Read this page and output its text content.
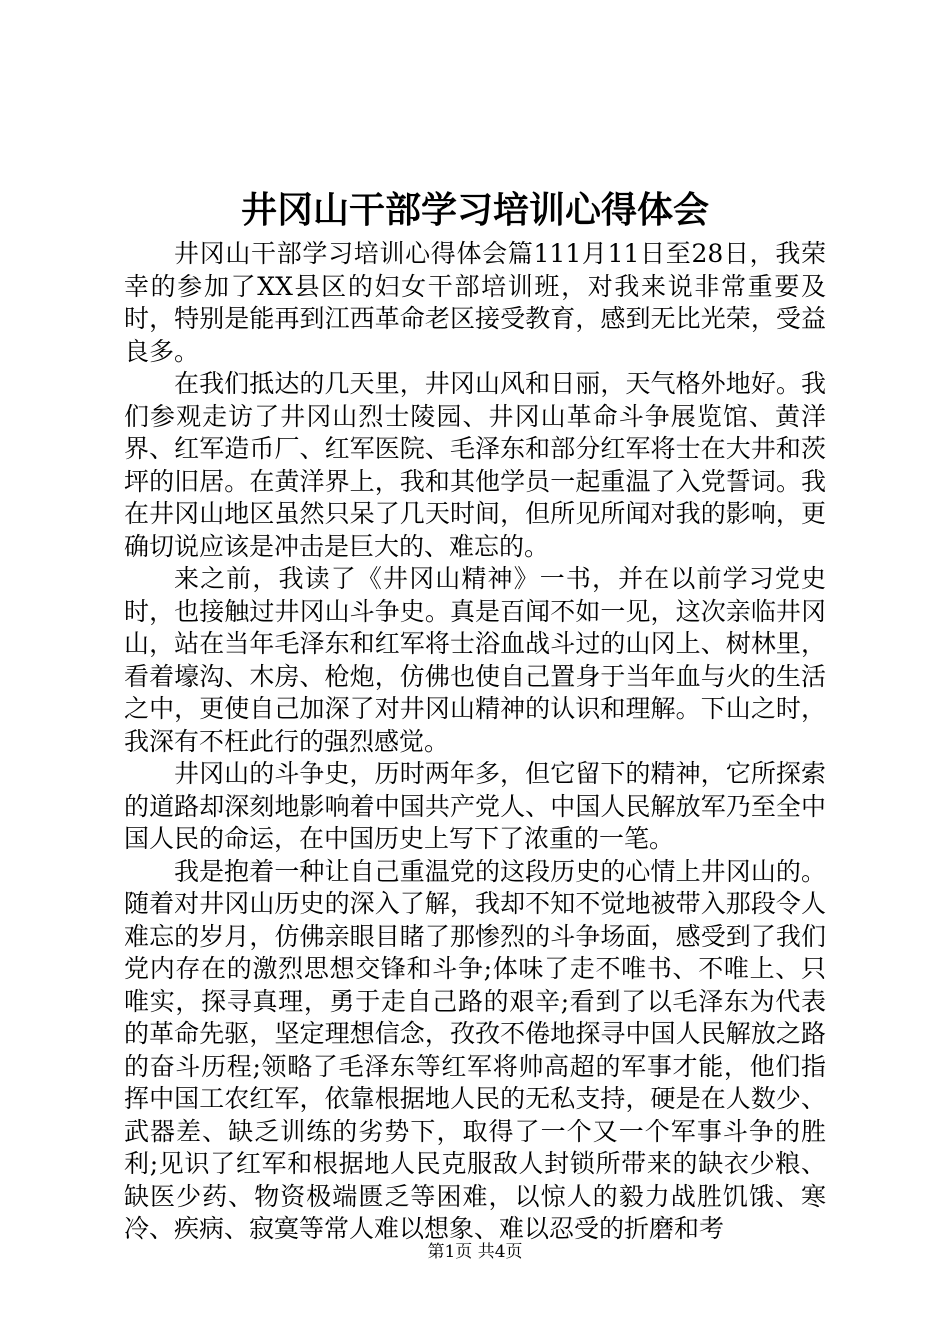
井冈山干部学习培训心得体会

井冈山干部学习培训心得体会篇111月11日至28日，我荣幸的参加了XX县区的妇女干部培训班，对我来说非常重要及时，特别是能再到江西革命老区接受教育，感到无比光荣，受益良多。

在我们抵达的几天里，井冈山风和日丽，天气格外地好。我们参观走访了井冈山烈士陵园、井冈山革命斗争展览馆、黄洋界、红军造币厂、红军医院、毛泽东和部分红军将士在大井和茨坪的旧居。在黄洋界上，我和其他学员一起重温了入党誓词。我在井冈山地区虽然只呆了几天时间，但所见所闻对我的影响，更确切说应该是冲击是巨大的、难忘的。

来之前，我读了《井冈山精神》一书，并在以前学习党史时，也接触过井冈山斗争史。真是百闻不如一见，这次亲临井冈山，站在当年毛泽东和红军将士浴血战斗过的山冈上、树林里，看着壕沟、木房、枪炮，仿佛也使自己置身于当年血与火的生活之中，更使自己加深了对井冈山精神的认识和理解。下山之时，我深有不枉此行的强烈感觉。

井冈山的斗争史，历时两年多，但它留下的精神，它所探索的道路却深刻地影响着中国共产党人、中国人民解放军乃至全中国人民的命运，在中国历史上写下了浓重的一笔。

我是抱着一种让自己重温党的这段历史的心情上井冈山的。随着对井冈山历史的深入了解，我却不知不觉地被带入那段令人难忘的岁月，仿佛亲眼目睹了那惨烈的斗争场面，感受到了我们党内存在的激烈思想交锋和斗争;体味了走不唯书、不唯上、只唯实，探寻真理，勇于走自己路的艰辛;看到了以毛泽东为代表的革命先驱，坚定理想信念，孜孜不倦地探寻中国人民解放之路的奋斗历程;领略了毛泽东等红军将帅高超的军事才能，他们指挥中国工农红军，依靠根据地人民的无私支持，硬是在人数少、武器差、缺乏训练的劣势下，取得了一个又一个军事斗争的胜利;见识了红军和根据地人民克服敌人封锁所带来的缺衣少粮、缺医少药、物资极端匮乏等困难，以惊人的毅力战胜饥饿、寒冷、疾病、寂寞等常人难以想象、难以忍受的折磨和考

第1页 共4页
